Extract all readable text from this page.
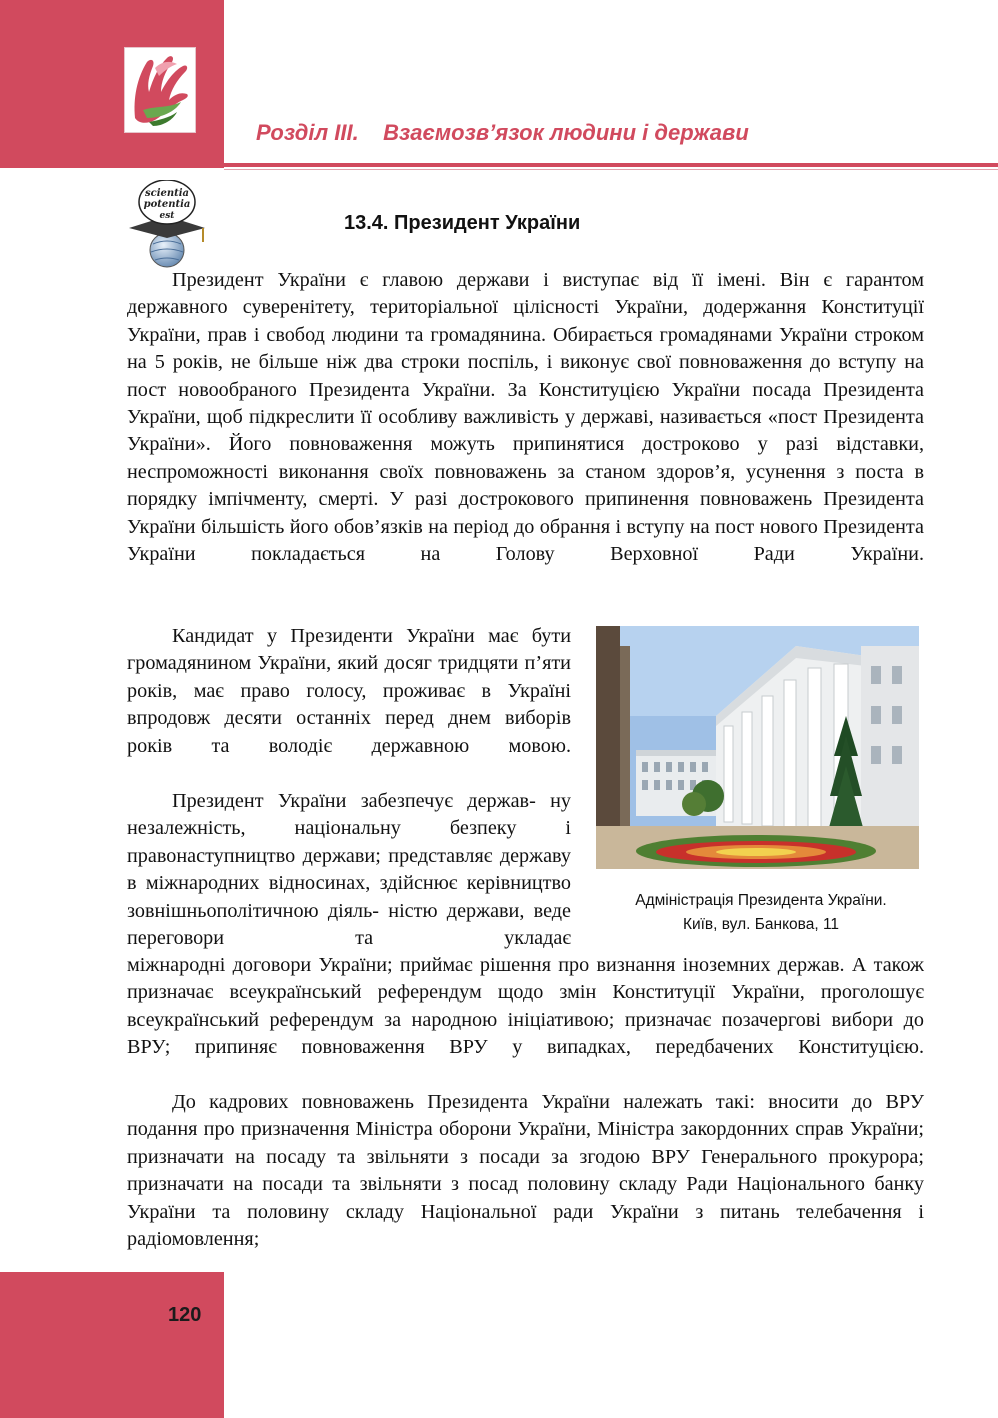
Розділ ІІІ. Взаємозв’язок людини і держави
scientia
potentia
est	13.4. Президент України

Президент України є главою держави і виступає від її імені. Він є гарантом державного суверенітету, територіальної цілісності України, додержання Конституції України, прав і свобод людини та громадянина. Обирається громадянами України строком на 5 років, не більше ніж два строки поспіль, і виконує свої повноваження до вступу на пост новообраного Президента України. За Конституцією України посада Президента України, щоб підкреслити її особливу важливість у державі, називається «пост Президента України». Його повноваження можуть припинятися достроково у разі відставки, неспроможності виконання своїх повноважень за станом здоров’я, усунення з поста в порядку імпічменту, смерті. У разі дострокового припинення повноважень Президента України більшість його обов’язків на період до обрання і вступу на пост нового Президента України покладається на Голову Верховної Ради України.

Кандидат у Президенти України має бути громадянином України, який досяг тридцяти п’яти років, має право голосу, проживає в Україні впродовж десяти останніх перед днем виборів років та володіє державною мовою.

Президент України забезпечує держав- ну незалежність, національну безпеку і правонаступництво держави; представляє державу в міжнародних відносинах, здійснює керівництво зовнішньополітичною діяль- ністю держави, веде переговори та укладає

міжнародні договори України; приймає рішення про визнання іноземних держав. А також призначає всеукраїнський референдум щодо змін Конституції України, проголошує всеукраїнський референдум за народною ініціативою; призначає позачергові вибори до ВРУ; припиняє повноваження ВРУ у випадках, передбачених Конституцією.

До кадрових повноважень Президента України належать такі: вносити до ВРУ подання про призначення Міністра оборони України, Міністра закордонних справ України; призначати на посаду та звільняти з посади за згодою ВРУ Генерального прокурора; призначати на посади та звільняти з посад половину складу Ради Національного банку України та половину складу Національної ради України з питань телебачення і радіомовлення;

Адміністрація Президента України.
Київ, вул. Банкова, 11
120
